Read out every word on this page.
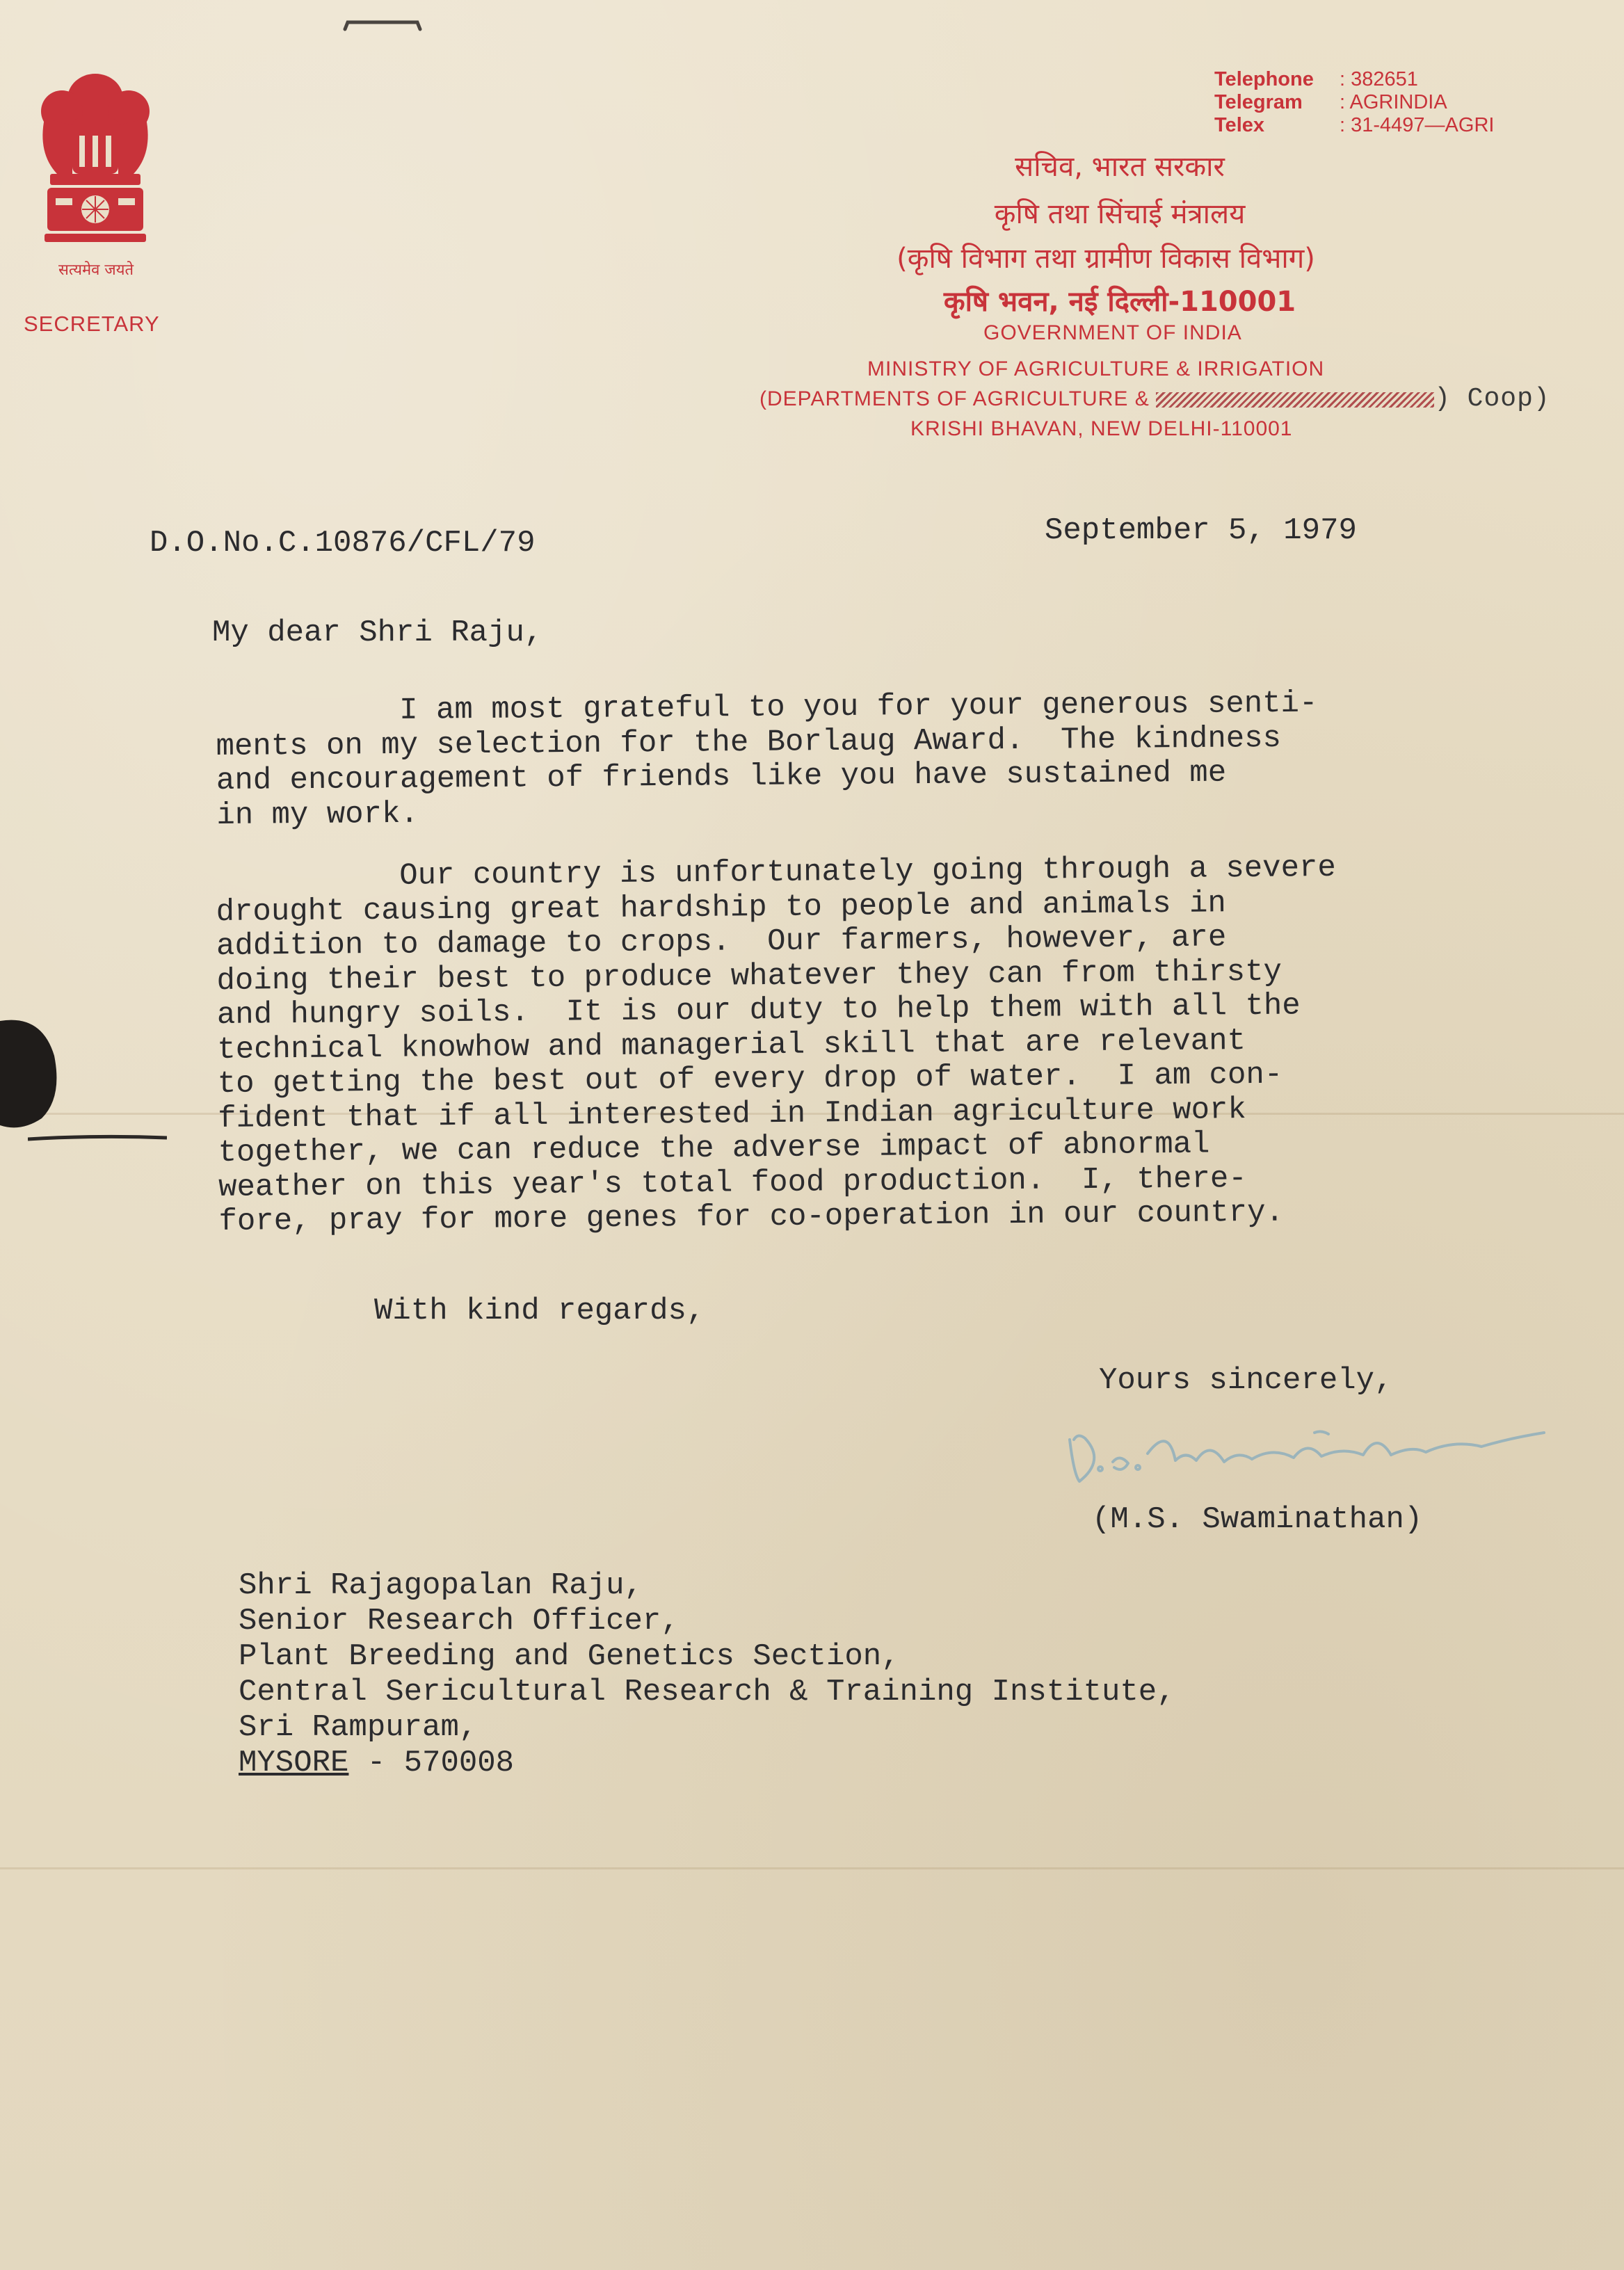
सत्यमेव जयते
SECRETARY
Telephone	: 382651
Telegram	: AGRINDIA
Telex	: 31-4497—AGRI
सचिव, भारत सरकार
कृषि तथा सिंचाई मंत्रालय
(कृषि विभाग तथा ग्रामीण विकास विभाग)
कृषि भवन, नई दिल्ली-110001
GOVERNMENT OF INDIA
MINISTRY OF AGRICULTURE & IRRIGATION
(DEPARTMENTS OF AGRICULTURE &	) Coop)
KRISHI BHAVAN, NEW DELHI-110001
D.O.No.C.10876/CFL/79	September 5, 1979
My dear Shri Raju,
I am most grateful to you for your generous senti-
ments on my selection for the Borlaug Award.  The kindness
and encouragement of friends like you have sustained me
in my work.
Our country is unfortunately going through a severe
drought causing great hardship to people and animals in
addition to damage to crops.  Our farmers, however, are
doing their best to produce whatever they can from thirsty
and hungry soils.  It is our duty to help them with all the
technical knowhow and managerial skill that are relevant
to getting the best out of every drop of water.  I am con-
fident that if all interested in Indian agriculture work
together, we can reduce the adverse impact of abnormal
weather on this year's total food production.  I, there-
fore, pray for more genes for co-operation in our country.
With kind regards,
Yours sincerely,
(M.S. Swaminathan)
Shri Rajagopalan Raju,
Senior Research Officer,
Plant Breeding and Genetics Section,
Central Sericultural Research & Training Institute,
Sri Rampuram,
MYSORE - 570008
